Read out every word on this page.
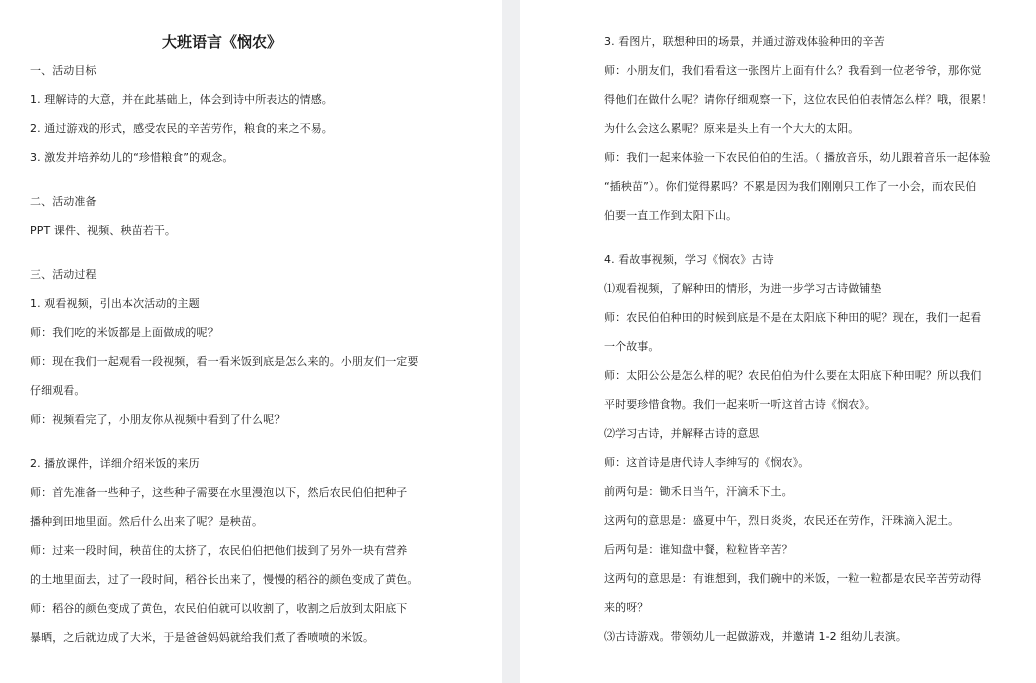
大班语言《悯农》
一、活动目标
1. 理解诗的大意，并在此基础上，体会到诗中所表达的情感。
2. 通过游戏的形式，感受农民的辛苦劳作，粮食的来之不易。
3. 激发并培养幼儿的“珍惜粮食”的观念。
二、活动准备
PPT 课件、视频、秧苗若干。
三、活动过程
1. 观看视频，引出本次活动的主题
师：我们吃的米饭都是上面做成的呢？
师：现在我们一起观看一段视频，看一看米饭到底是怎么来的。小朋友们一定要
仔细观看。
师：视频看完了，小朋友你从视频中看到了什么呢？
2. 播放课件，详细介绍米饭的来历
师：首先准备一些种子，这些种子需要在水里漫泡以下，然后农民伯伯把种子
播种到田地里面。然后什么出来了呢？是秧苗。
师：过来一段时间，秧苗住的太挤了，农民伯伯把他们拔到了另外一块有营养
的土地里面去，过了一段时间，稻谷长出来了，慢慢的稻谷的颜色变成了黄色。
师：稻谷的颜色变成了黄色，农民伯伯就可以收割了，收割之后放到太阳底下
暴晒，之后就边成了大米，于是爸爸妈妈就给我们煮了香喷喷的米饭。
3. 看图片，联想种田的场景，并通过游戏体验种田的辛苦
师：小朋友们，我们看看这一张图片上面有什么？我看到一位老爷爷，那你觉
得他们在做什么呢？请你仔细观察一下，这位农民伯伯表情怎么样？哦，很累！
为什么会这么累呢？原来是头上有一个大大的太阳。
师：我们一起来体验一下农民伯伯的生活。（ 播放音乐，幼儿跟着音乐一起体验
“插秧苗”）。你们觉得累吗？不累是因为我们刚刚只工作了一小会，而农民伯
伯要一直工作到太阳下山。
4. 看故事视频，学习《悯农》古诗
⑴观看视频，了解种田的情形，为进一步学习古诗做铺垫
师：农民伯伯种田的时候到底是不是在太阳底下种田的呢？现在，我们一起看
一个故事。
师：太阳公公是怎么样的呢？农民伯伯为什么要在太阳底下种田呢？所以我们
平时要珍惜食物。我们一起来听一听这首古诗《悯农》。
⑵学习古诗，并解释古诗的意思
师：这首诗是唐代诗人李绅写的《悯农》。
前两句是：锄禾日当午，汗滴禾下土。
这两句的意思是：盛夏中午，烈日炎炎，农民还在劳作，汗珠滴入泥土。
后两句是：谁知盘中餐，粒粒皆辛苦？
这两句的意思是：有谁想到，我们碗中的米饭，一粒一粒都是农民辛苦劳动得
来的呀？
⑶古诗游戏。带领幼儿一起做游戏，并邀请 1-2 组幼儿表演。
